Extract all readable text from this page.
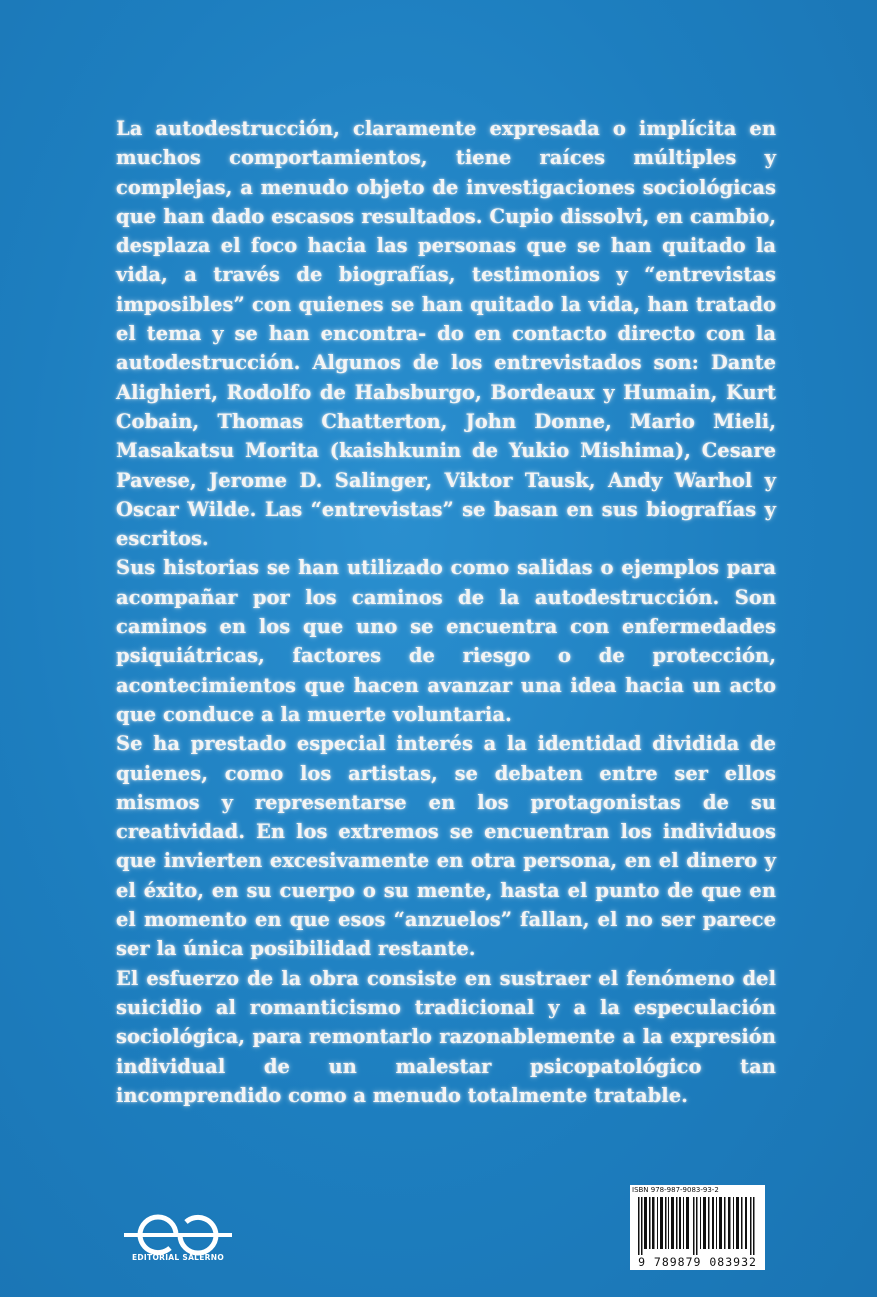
La autodestrucción, claramente expresada o implícita en muchos comportamientos, tiene raíces múltiples y complejas, a menudo objeto de investigaciones sociológicas que han dado escasos resultados. Cupio dissolvi, en cambio, desplaza el foco hacia las personas que se han quitado la vida, a través de biografías, testimonios y “entrevistas imposibles” con quienes se han quitado la vida, han tratado el tema y se han encontra- do en contacto directo con la autodestrucción. Algunos de los entrevistados son: Dante Alighieri, Rodolfo de Habsburgo, Bordeaux y Humain, Kurt Cobain, Thomas Chatterton, John Donne, Mario Mieli, Masakatsu Morita (kaishkunin de Yukio Mishima), Cesare Pavese, Jerome D. Salinger, Viktor Tausk, Andy Warhol y Oscar Wilde. Las “entrevistas” se basan en sus biografías y escritos.

Sus historias se han utilizado como salidas o ejemplos para acompañar por los caminos de la autodestrucción. Son caminos en los que uno se encuentra con enfermedades psiquiátricas, factores de riesgo o de protección, acontecimientos que hacen avanzar una idea hacia un acto que conduce a la muerte voluntaria.

Se ha prestado especial interés a la identidad dividida de quienes, como los artistas, se debaten entre ser ellos mismos y representarse en los protagonistas de su creatividad. En los extremos se encuentran los individuos que invierten excesivamente en otra persona, en el dinero y el éxito, en su cuerpo o su mente, hasta el punto de que en el momento en que esos “anzuelos” fallan, el no ser parece ser la única posibilidad restante.

El esfuerzo de la obra consiste en sustraer el fenómeno del suicidio al romanticismo tradicional y a la especulación sociológica, para remontarlo razonablemente a la expresión individual de un malestar psicopatológico tan incomprendido como a menudo totalmente tratable.

EDITORIAL SALERNO
ISBN 978-987-9083-93-2
9 789879 083932
